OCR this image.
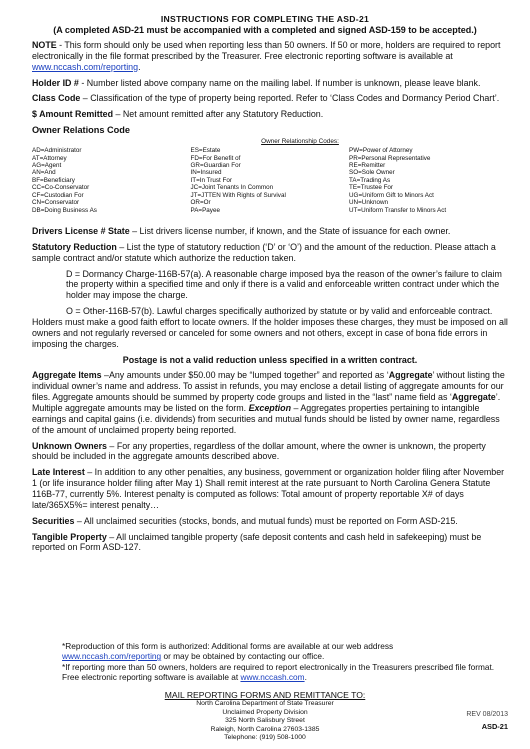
INSTRUCTIONS FOR COMPLETING THE ASD-21
(A completed ASD-21 must be accompanied with a completed and signed ASD-159 to be accepted.)

NOTE - This form should only be used when reporting less than 50 owners. If 50 or more, holders are required to report electronically in the file format prescribed by the Treasurer. Free electronic reporting software is available at www.nccash.com/reporting.

Holder ID # - Number listed above company name on the mailing label. If number is unknown, please leave blank.

Class Code – Classification of the type of property being reported. Refer to ‘Class Codes and Dormancy Period Chart’.

$ Amount Remitted – Net amount remitted after any Statutory Reduction.

Owner Relations Code
Owner Relationship Codes:
AD=Administrator
AT=Attorney
AG=Agent
AN=And
BF=Beneficiary
CC=Co-Conservator
CF=Custodian For
CN=Conservator
DB=Doing Business As
ES=Estate
FD=For Benefit of
GR=Guardian For
IN=Insured
IT=In Trust For
JC=Joint Tenants In Common
JT=JTTEN With Rights of Survival
OR=Or
PA=Payee
PW=Power of Attorney
PR=Personal Representative
RE=Remitter
SO=Sole Owner
TA=Trading As
TE=Trustee For
UG=Uniform Gift to Minors Act
UN=Unknown
UT=Uniform Transfer to Minors Act

Drivers License # State – List drivers license number, if known, and the State of issuance for each owner.

Statutory Reduction – List the type of statutory reduction (‘D’ or ‘O’) and the amount of the reduction. Please attach a sample contract and/or statute which authorize the reduction taken.

D = Dormancy Charge-116B-57(a). A reasonable charge imposed bya the reason of the owner’s failure to claim the property within a specified time and only if there is a valid and enforceable written contract under which the holder may impose the charge.

O = Other-116B-57(b). Lawful charges specifically authorized by statute or by valid and enforceable contract.

Holders must make a good faith effort to locate owners. If the holder imposes these charges, they must be imposed on all owners and not regularly reversed or canceled for some owners and not others, except in case of bona fide errors in imposing the charges.

Postage is not a valid reduction unless specified in a written contract.

Aggregate Items –Any amounts under $50.00 may be “lumped together” and reported as ‘Aggregate’ without listing the individual owner’s name and address. To assist in refunds, you may enclose a detail listing of aggregate amounts for our files. Aggregate amounts should be summed by property code groups and listed in the “last” name field as ‘Aggregate’. Multiple aggregate amounts may be listed on the form. Exception – Aggregates properties pertaining to intangible earnings and capital gains (i.e. dividends) from securities and mutual funds should be listed by owner name, regardless of the amount of unclaimed property being reported.

Unknown Owners – For any properties, regardless of the dollar amount, where the owner is unknown, the property should be included in the aggregate amounts described above.

Late Interest – In addition to any other penalties, any business, government or organization holder filing after November 1 (or life insurance holder filing after May 1) Shall remit interest at the rate pursuant to North Carolina Genera Statute 116B-77, currently 5%. Interest penalty is computed as follows: Total amount of property reportable X# of days late/365X5%= interest penalty…

Securities – All unclaimed securities (stocks, bonds, and mutual funds) must be reported on Form ASD-215.

Tangible Property – All unclaimed tangible property (safe deposit contents and cash held in safekeeping) must be reported on Form ASD-127.

*Reproduction of this form is authorized: Additional forms are available at our web address
www.nccash.com/reporting or may be obtained by contacting our office.
*If reporting more than 50 owners, holders are required to report electronically in the Treasurers prescribed file format. Free electronic reporting software is available at www.nccash.com.
MAIL REPORTING FORMS AND REMITTANCE TO:
North Carolina Department of State Treasurer
Unclaimed Property Division
325 North Salisbury Street
Raleigh, North Carolina 27603-1385
Telephone: (919) 508-1000
REV 08/2013
ASD-21
